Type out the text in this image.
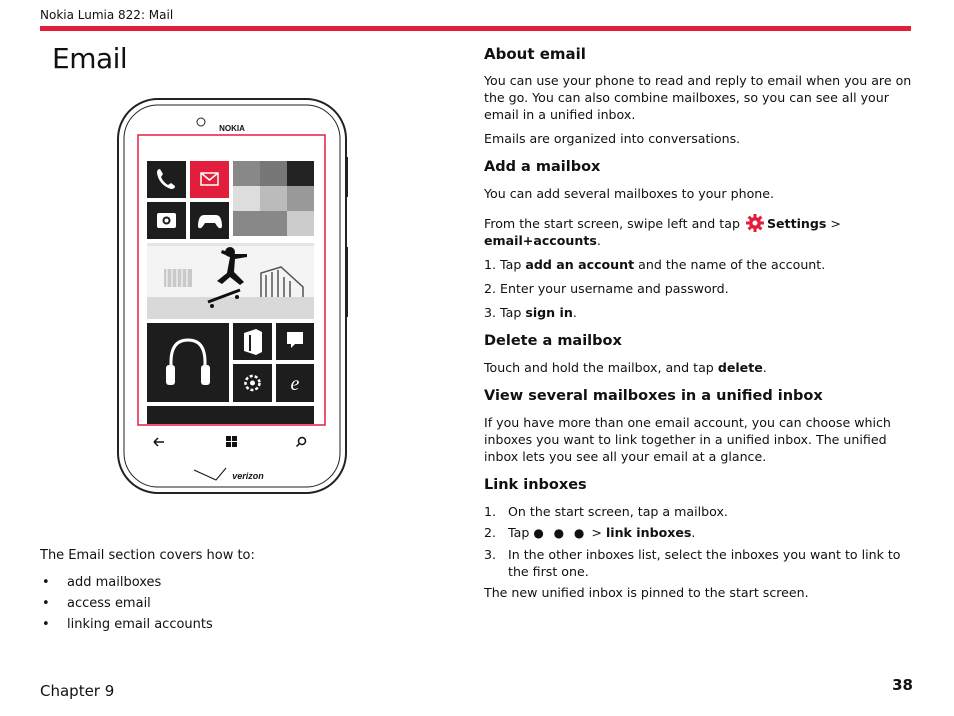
Nokia Lumia 822: Mail
Email
NOKIA
e
verizon

The Email section covers how to:

• add mailboxes
• access email
• linking email accounts
Chapter 9	38
About email

You can use your phone to read and reply to email when you are on the go. You can also combine mailboxes, so you can see all your email in a unified inbox.

Emails are organized into conversations.

Add a mailbox

You can add several mailboxes to your phone.

From the start screen, swipe left and tap Settings >
email+accounts.

1. Tap add an account and the name of the account.
2. Enter your username and password.
3. Tap sign in.
Delete a mailbox

Touch and hold the mailbox, and tap delete.

View several mailboxes in a unified inbox

If you have more than one email account, you can choose which inboxes you want to link together in a unified inbox. The unified inbox lets you see all your email at a glance.

Link inboxes
1. On the start screen, tap a mailbox.
2. Tap ● ● ● > link inboxes.
3. In the other inboxes list, select the inboxes you want to link to the first one.

The new unified inbox is pinned to the start screen.
